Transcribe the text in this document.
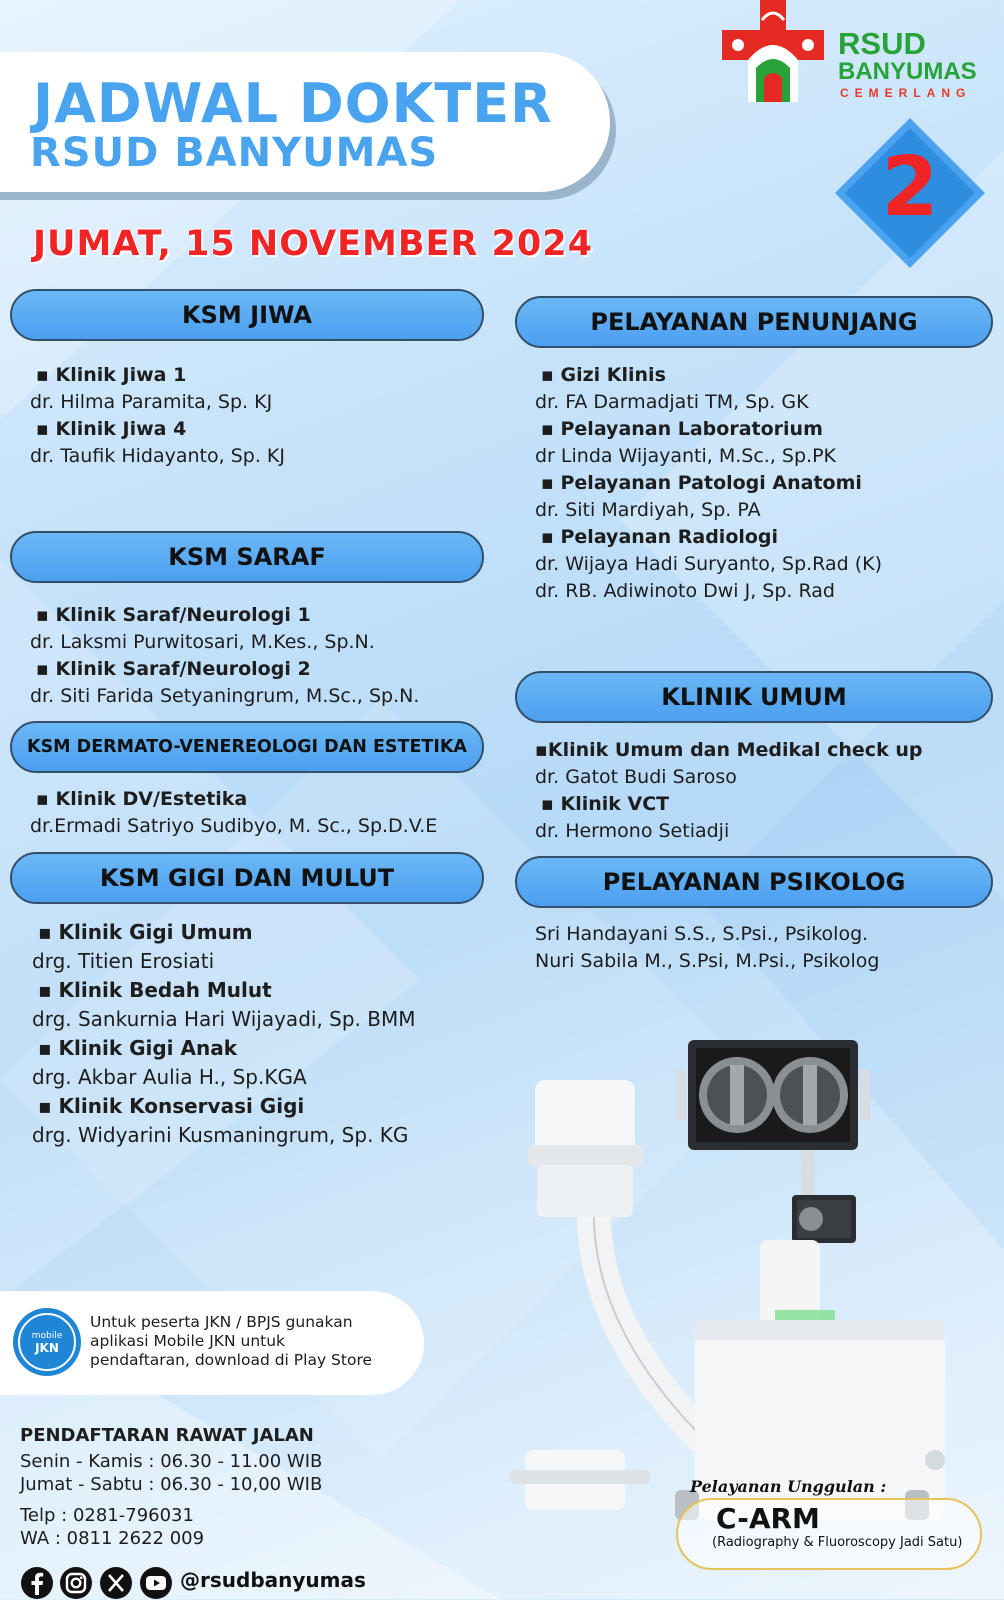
JADWAL DOKTER
RSUD BANYUMAS
JUMAT, 15 NOVEMBER 2024
RSUD
BANYUMAS
CEMERLANG
2
KSM JIWA
▪ Klinik Jiwa 1
dr. Hilma Paramita, Sp. KJ
▪ Klinik Jiwa 4
dr. Taufik Hidayanto, Sp. KJ
KSM SARAF
▪ Klinik Saraf/Neurologi 1
dr. Laksmi Purwitosari, M.Kes., Sp.N.
▪ Klinik Saraf/Neurologi 2
dr. Siti Farida Setyaningrum, M.Sc., Sp.N.
KSM DERMATO-VENEREOLOGI DAN ESTETIKA
▪ Klinik DV/Estetika
dr.Ermadi Satriyo Sudibyo, M. Sc., Sp.D.V.E
KSM GIGI DAN MULUT
▪ Klinik Gigi Umum
drg. Titien Erosiati
▪ Klinik Bedah Mulut
drg. Sankurnia Hari Wijayadi, Sp. BMM
▪ Klinik Gigi Anak
drg. Akbar Aulia H., Sp.KGA
▪ Klinik Konservasi Gigi
drg. Widyarini Kusmaningrum, Sp. KG
PELAYANAN PENUNJANG
▪ Gizi Klinis
dr. FA Darmadjati TM, Sp. GK
▪ Pelayanan Laboratorium
dr Linda Wijayanti, M.Sc., Sp.PK
▪ Pelayanan Patologi Anatomi
dr. Siti Mardiyah, Sp. PA
▪ Pelayanan Radiologi
dr. Wijaya Hadi Suryanto, Sp.Rad (K)
dr. RB. Adiwinoto Dwi J, Sp. Rad
KLINIK UMUM
▪Klinik Umum dan Medikal check up
dr. Gatot Budi Saroso
▪ Klinik VCT
dr. Hermono Setiadji
PELAYANAN PSIKOLOG
Sri Handayani S.S., S.Psi., Psikolog.
Nuri Sabila M., S.Psi, M.Psi., Psikolog
Pelayanan Unggulan :
C-ARM
(Radiography & Fluoroscopy Jadi Satu)
mobile
JKN
Untuk peserta JKN / BPJS gunakan
aplikasi Mobile JKN untuk
pendaftaran, download di Play Store
PENDAFTARAN RAWAT JALAN
Senin - Kamis : 06.30 - 11.00 WIB
Jumat - Sabtu : 06.30 - 10,00 WIB
Telp : 0281-796031
WA : 0811 2622 009
@rsudbanyumas
